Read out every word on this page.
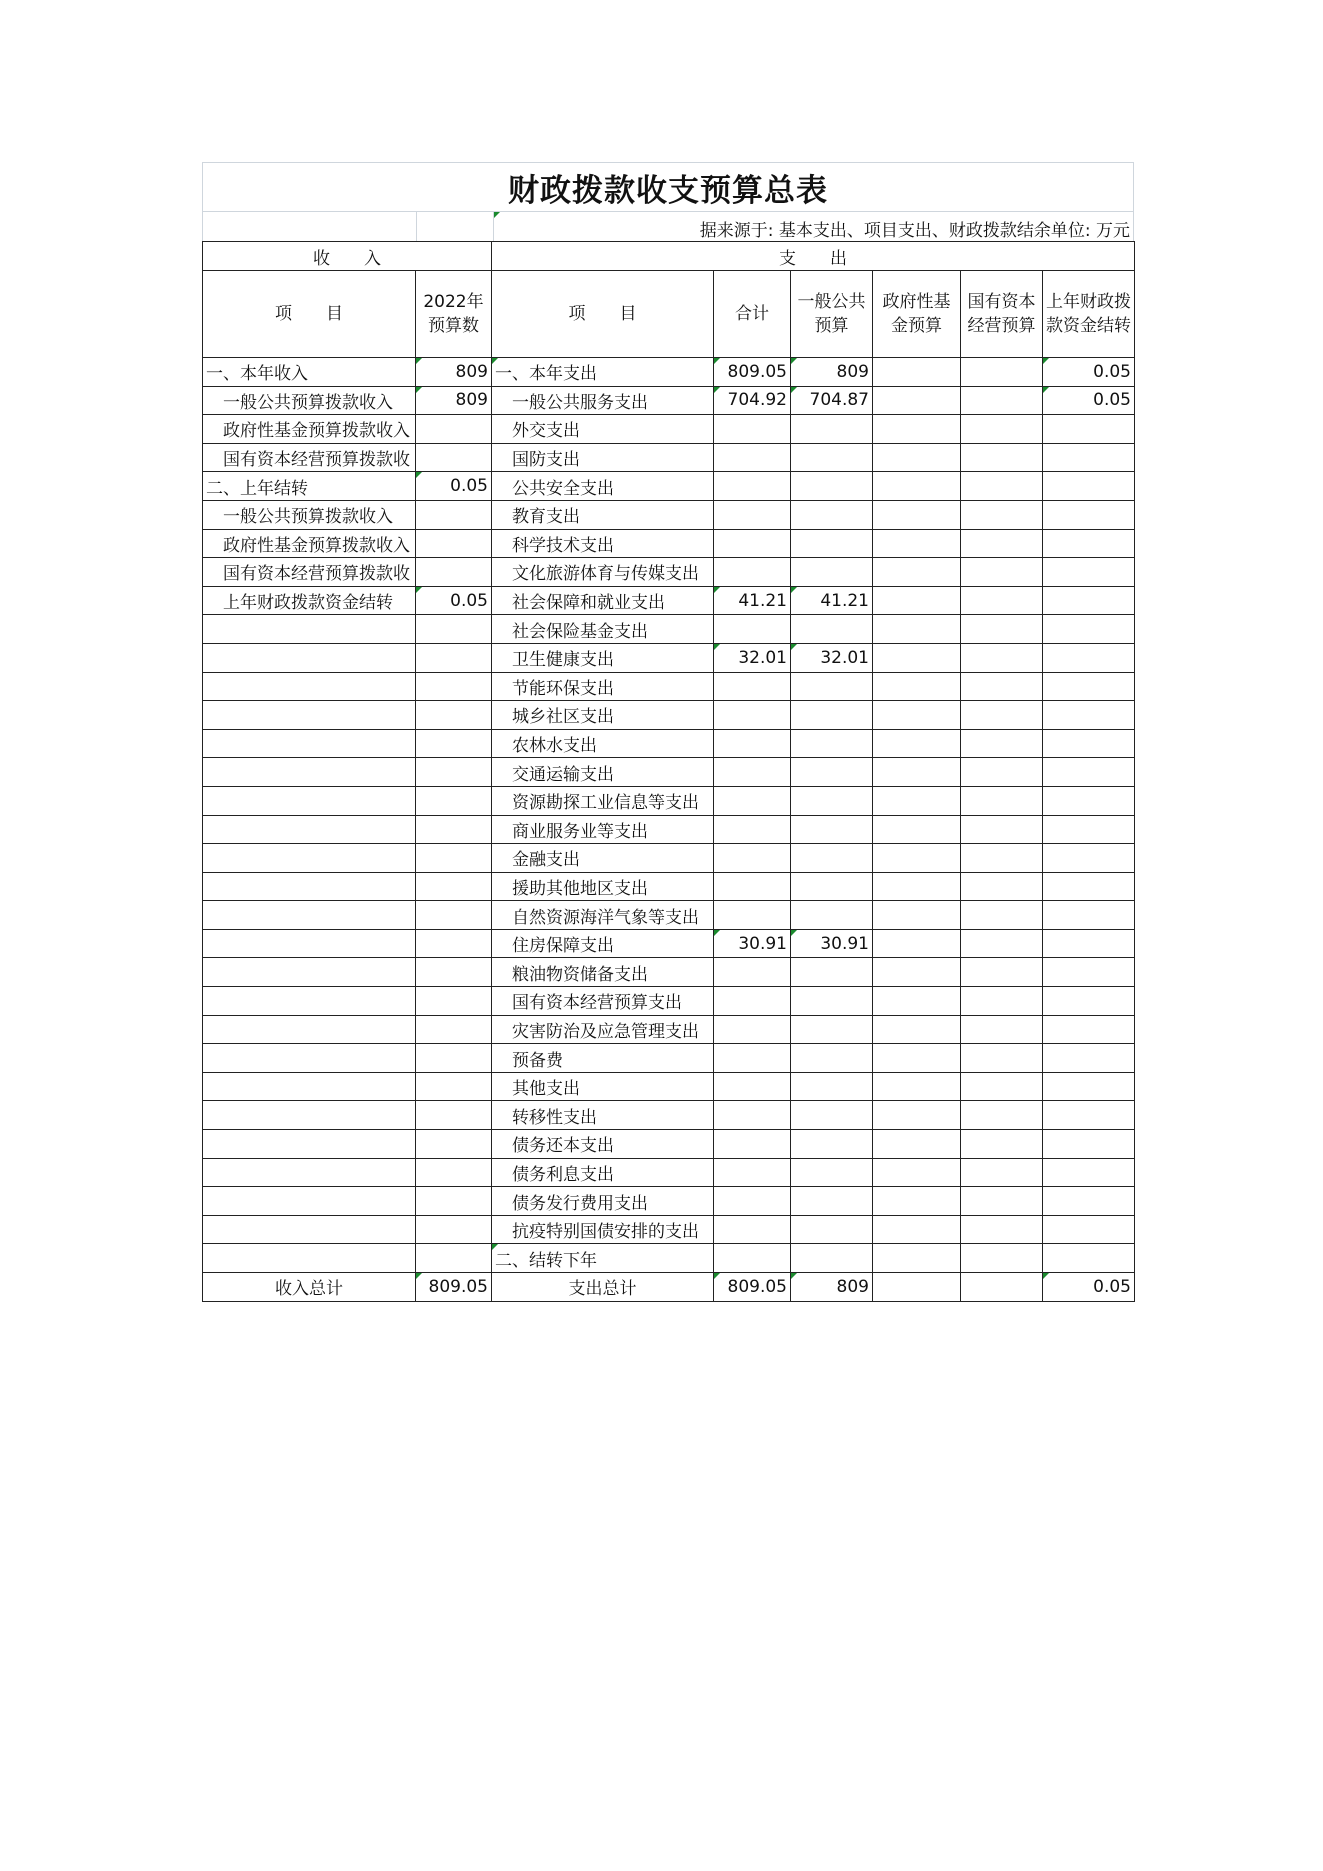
财政拨款收支预算总表
据来源于: 基本支出、项目支出、财政拨款结余单位: 万元
收　　入		支　　出					
项　　目	2022年预算数	项　　目	合计	一般公共预算	政府性基金预算	国有资本经营预算	上年财政拨款资金结转
一、本年收入	809	一、本年支出	809.05	809			0.05
一般公共预算拨款收入	809	一般公共服务支出	704.92	704.87			0.05
政府性基金预算拨款收入		外交支出					
国有资本经营预算拨款收		国防支出					
二、上年结转	0.05	公共安全支出					
一般公共预算拨款收入		教育支出					
政府性基金预算拨款收入		科学技术支出					
国有资本经营预算拨款收		文化旅游体育与传媒支出					
上年财政拨款资金结转	0.05	社会保障和就业支出	41.21	41.21			
		社会保险基金支出					
		卫生健康支出	32.01	32.01			
		节能环保支出					
		城乡社区支出					
		农林水支出					
		交通运输支出					
		资源勘探工业信息等支出					
		商业服务业等支出					
		金融支出					
		援助其他地区支出					
		自然资源海洋气象等支出					
		住房保障支出	30.91	30.91			
		粮油物资储备支出					
		国有资本经营预算支出					
		灾害防治及应急管理支出					
		预备费					
		其他支出					
		转移性支出					
		债务还本支出					
		债务利息支出					
		债务发行费用支出					
		抗疫特别国债安排的支出					
		二、结转下年					
收入总计	809.05	支出总计	809.05	809			0.05
